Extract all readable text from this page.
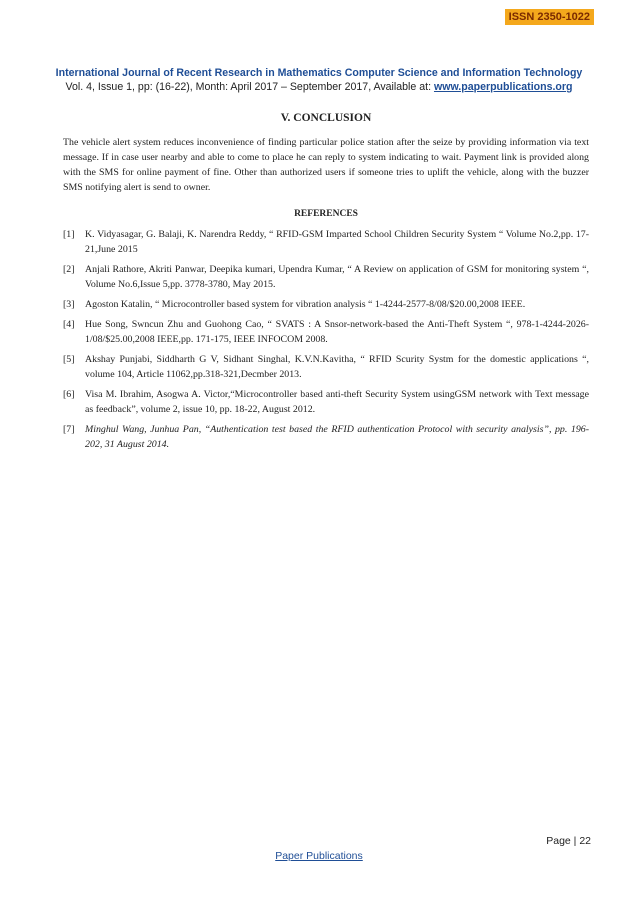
ISSN 2350-1022
International Journal of Recent Research in Mathematics Computer Science and Information Technology
Vol. 4, Issue 1, pp: (16-22), Month: April 2017 – September 2017, Available at: www.paperpublications.org
V. CONCLUSION

The vehicle alert system reduces inconvenience of finding particular police station after the seize by providing information via text message. If in case user nearby and able to come to place he can reply to system indicating to wait. Payment link is provided along with the SMS for online payment of fine. Other than authorized users if someone tries to uplift the vehicle, along with the buzzer SMS notifying alert is send to owner.

REFERENCES
[1]	K. Vidyasagar, G. Balaji, K. Narendra Reddy, “ RFID-GSM Imparted School Children Security System “ Volume No.2,pp. 17-21,June 2015
[2]	Anjali Rathore, Akriti Panwar, Deepika kumari, Upendra Kumar, “ A Review on application of GSM for monitoring system “, Volume No.6,Issue 5,pp. 3778-3780, May 2015.
[3]	Agoston Katalin, “ Microcontroller based system for vibration analysis “ 1-4244-2577-8/08/$20.00,2008 IEEE.
[4]	Hue Song, Swncun Zhu and Guohong Cao, “ SVATS : A Snsor-network-based the Anti-Theft System “, 978-1-4244-2026-1/08/$25.00,2008 IEEE,pp. 171-175, IEEE INFOCOM 2008.
[5]	Akshay Punjabi, Siddharth G V, Sidhant Singhal, K.V.N.Kavitha, “ RFID Scurity Systm for the domestic applications “, volume 104, Article 11062,pp.318-321,Decmber 2013.
[6]	Visa M. Ibrahim, Asogwa A. Victor,“Microcontroller based anti-theft Security System usingGSM network with Text message as feedback”, volume 2, issue 10, pp. 18-22, August 2012.
[7]	Minghul Wang, Junhua Pan, “Authentication test based the RFID authentication Protocol with security analysis”, pp. 196-202, 31 August 2014.
Page | 22
Paper Publications
